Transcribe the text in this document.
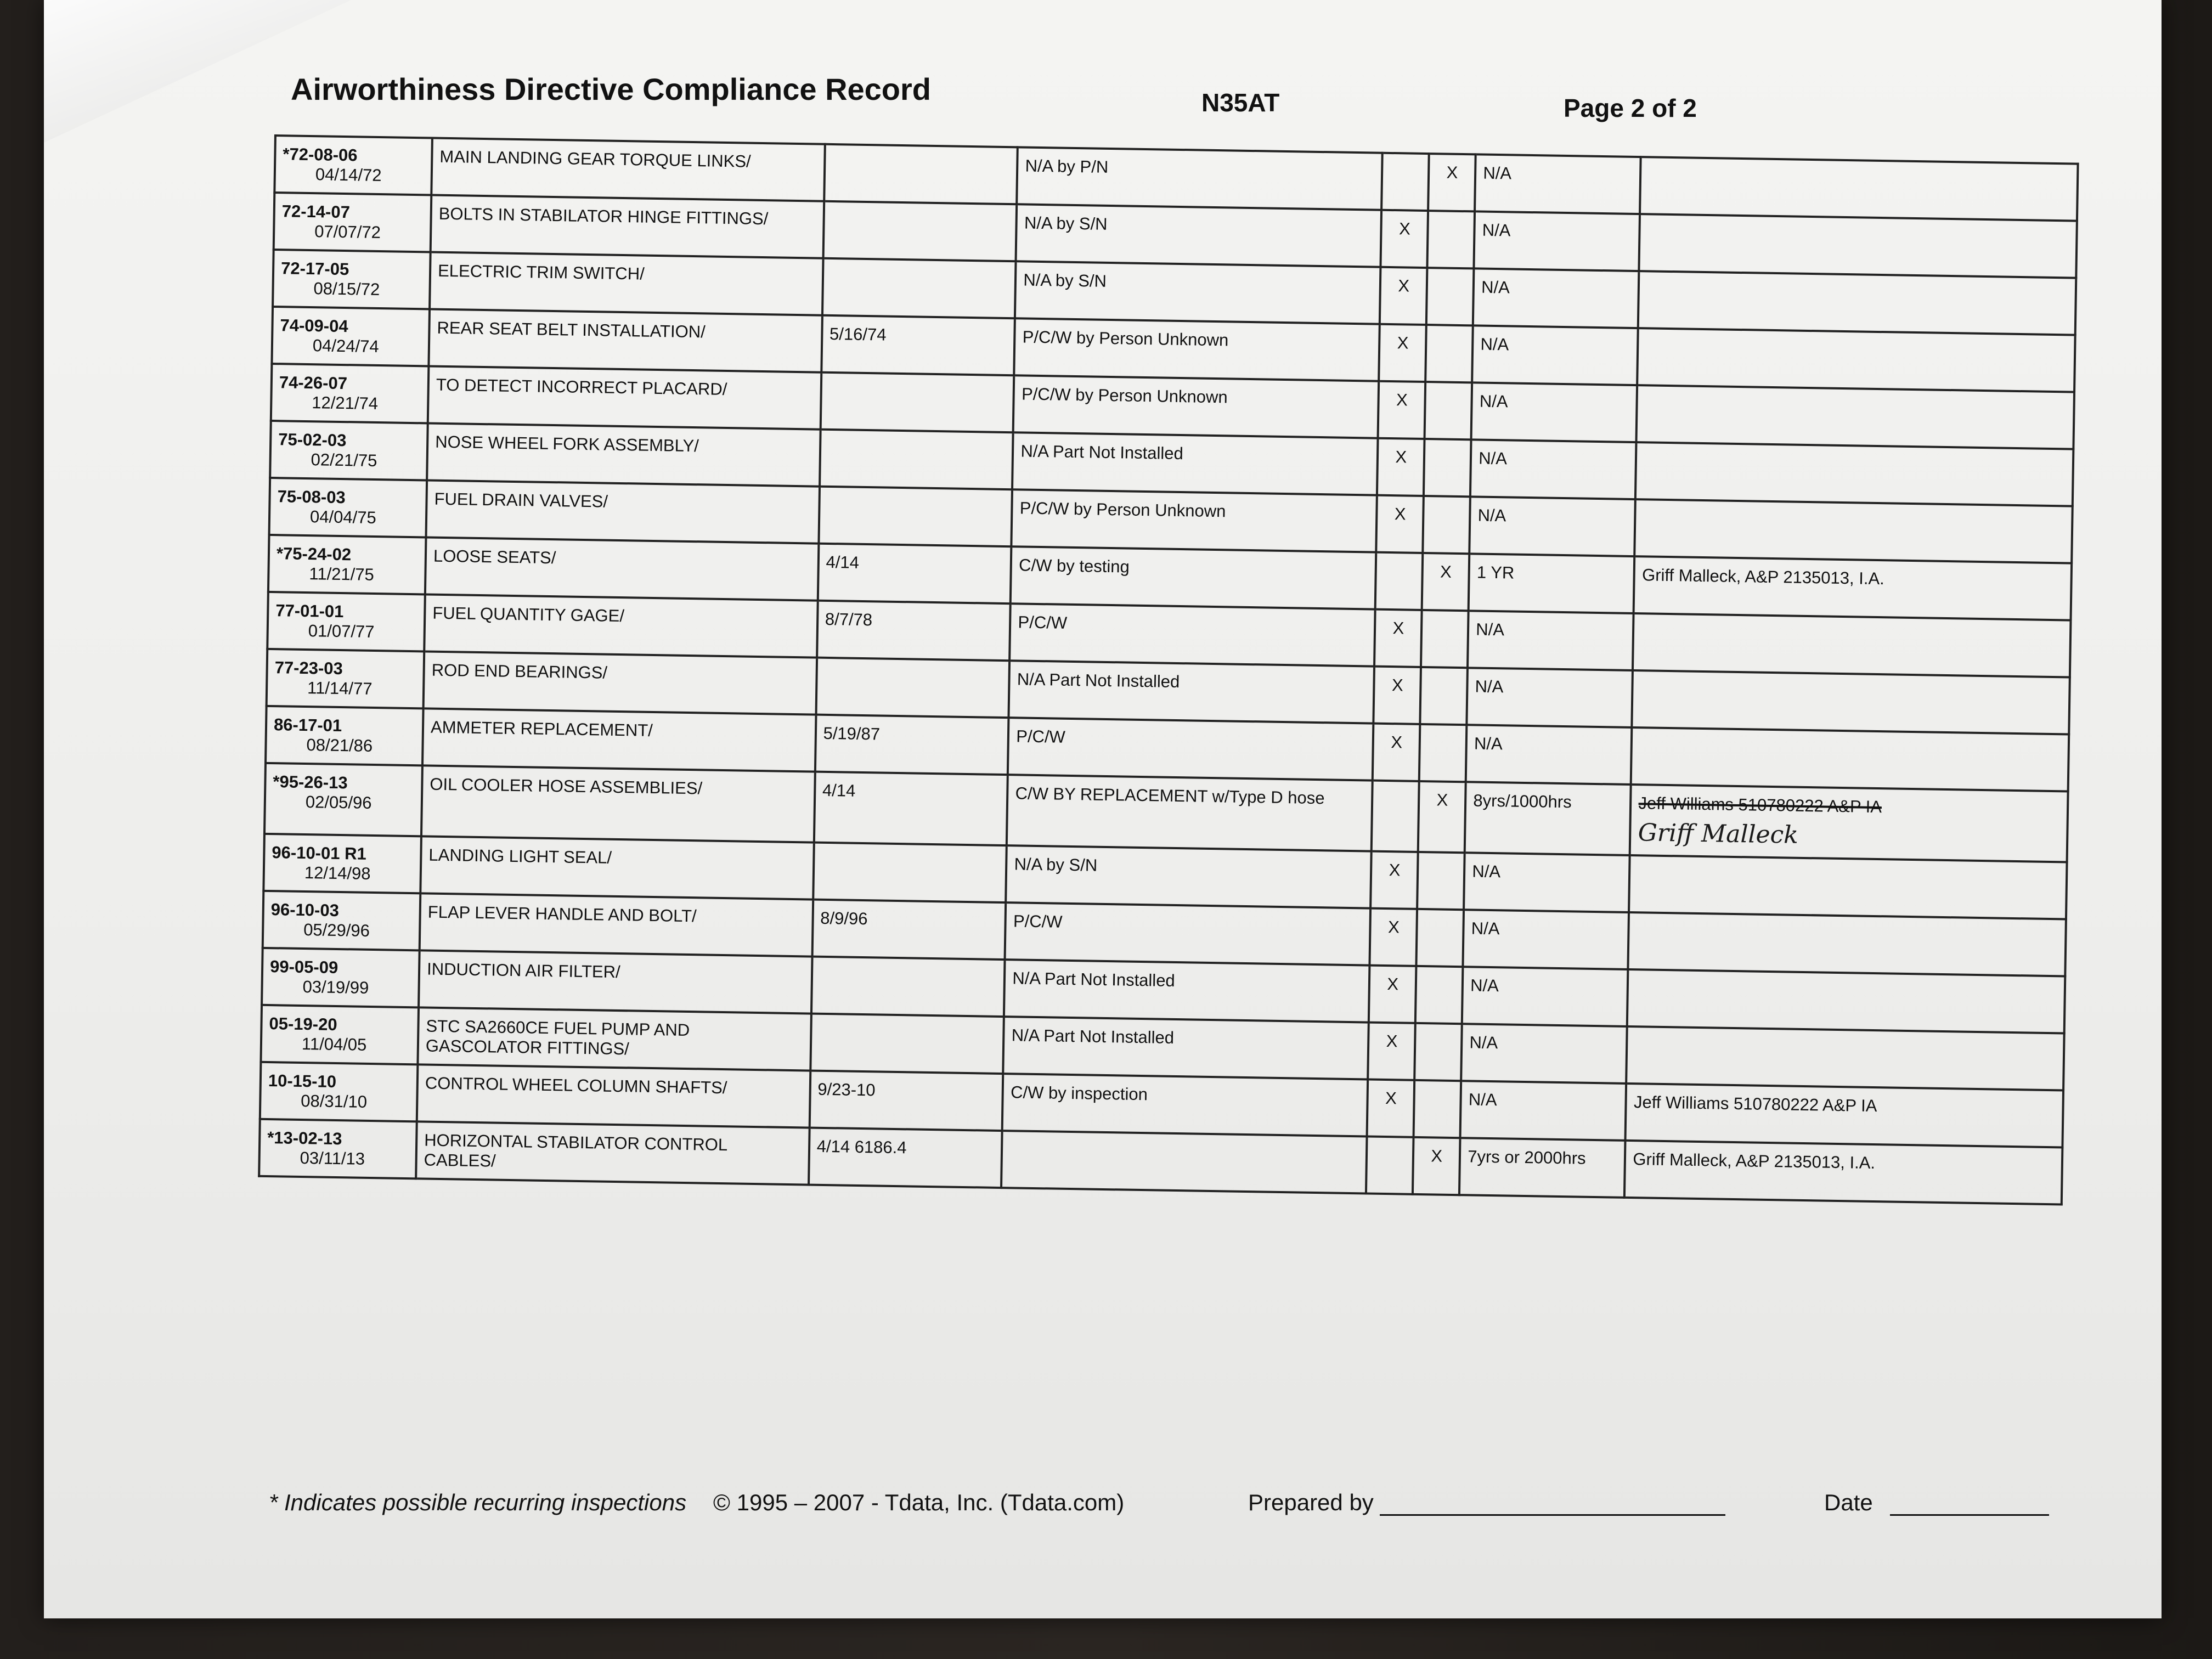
Airworthiness Directive Compliance Record	N35AT	Page 2 of 2
*72-08-06
04/14/72	MAIN LANDING GEAR TORQUE LINKS/		N/A by P/N		X	N/A	

72-14-07
07/07/72	BOLTS IN STABILATOR HINGE FITTINGS/		N/A by S/N	X		N/A	

72-17-05
08/15/72	ELECTRIC TRIM SWITCH/		N/A by S/N	X		N/A	

74-09-04
04/24/74	REAR SEAT BELT INSTALLATION/	5/16/74	P/C/W by Person Unknown	X		N/A	

74-26-07
12/21/74	TO DETECT INCORRECT PLACARD/		P/C/W by Person Unknown	X		N/A	

75-02-03
02/21/75	NOSE WHEEL FORK ASSEMBLY/		N/A Part Not Installed	X		N/A	

75-08-03
04/04/75	FUEL DRAIN VALVES/		P/C/W by Person Unknown	X		N/A	

*75-24-02
11/21/75	LOOSE SEATS/	4/14	C/W by testing		X	1 YR	Griff Malleck, A&P 2135013, I.A.

77-01-01
01/07/77	FUEL QUANTITY GAGE/	8/7/78	P/C/W	X		N/A	

77-23-03
11/14/77	ROD END BEARINGS/		N/A Part Not Installed	X		N/A	

86-17-01
08/21/86	AMMETER REPLACEMENT/	5/19/87	P/C/W	X		N/A	

*95-26-13
02/05/96	OIL COOLER HOSE ASSEMBLIES/	4/14	C/W BY REPLACEMENT w/Type D hose		X	8yrs/1000hrs	Jeff Williams 510780222 A&P IA
Griff Malleck

96-10-01 R1
12/14/98	LANDING LIGHT SEAL/		N/A by S/N	X		N/A	

96-10-03
05/29/96	FLAP LEVER HANDLE AND BOLT/	8/9/96	P/C/W	X		N/A	

99-05-09
03/19/99	INDUCTION AIR FILTER/		N/A Part Not Installed	X		N/A	

05-19-20
11/04/05	STC SA2660CE FUEL PUMP AND GASCOLATOR FITTINGS/		N/A Part Not Installed	X		N/A	

10-15-10
08/31/10	CONTROL WHEEL COLUMN SHAFTS/	9/23-10	C/W by inspection	X		N/A	Jeff Williams 510780222 A&P IA

*13-02-13
03/11/13	HORIZONTAL STABILATOR CONTROL CABLES/	4/14 6186.4			X	7yrs or 2000hrs	Griff Malleck, A&P 2135013, I.A.
* Indicates possible recurring inspections © 1995 – 2007 - Tdata, Inc. (Tdata.com)	Prepared by	Date
